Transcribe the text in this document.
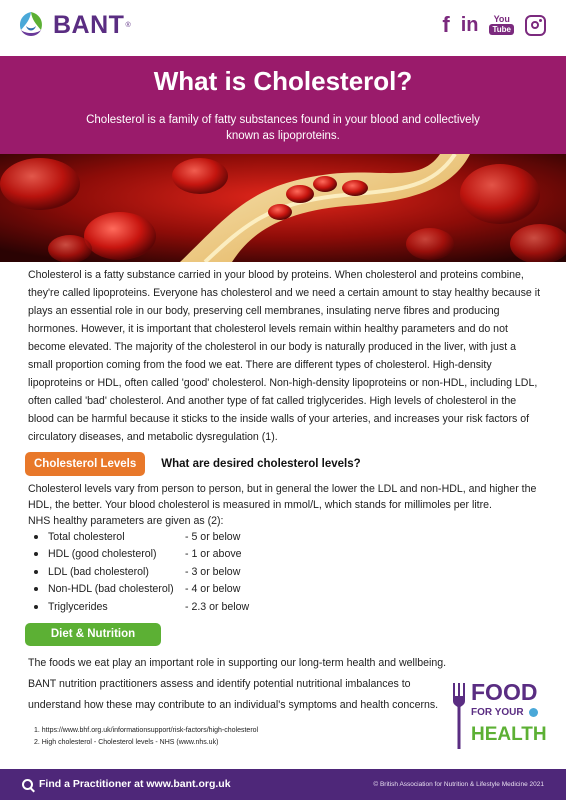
BANT ®	f in You
Tube
What is Cholesterol?
Cholesterol is a family of fatty substances found in your blood and collectively known as lipoproteins.
Cholesterol is a fatty substance carried in your blood by proteins. When cholesterol and proteins combine, they're called lipoproteins. Everyone has cholesterol and we need a certain amount to stay healthy because it plays an essential role in our body, preserving cell membranes, insulating nerve fibres and producing hormones. However, it is important that cholesterol levels remain within healthy parameters and do not become elevated. The majority of the cholesterol in our body is naturally produced in the liver, with just a small proportion coming from the food we eat. There are different types of cholesterol. High-density lipoproteins or HDL, often called 'good' cholesterol. Non-high-density lipoproteins or non-HDL, including LDL, often called 'bad' cholesterol. And another type of fat called triglycerides. High levels of cholesterol in the blood can be harmful because it sticks to the inside walls of your arteries, and increases your risk factors of circulatory diseases, and metabolic dysregulation (1).
Cholesterol Levels	What are desired cholesterol levels?
Cholesterol levels vary from person to person, but in general the lower the LDL and non-HDL, and higher the HDL, the better. Your blood cholesterol is measured in mmol/L, which stands for millimoles per litre.
NHS healthy parameters are given as (2):
Total cholesterol	- 5 or below
HDL (good cholesterol)	- 1 or above
LDL (bad cholesterol)	- 3 or below
Non-HDL (bad cholesterol)	- 4 or below
Triglycerides	- 2.3 or below
Diet & Nutrition
The foods we eat play an important role in supporting our long-term health and wellbeing.
BANT nutrition practitioners assess and identify potential nutritional imbalances to
understand how these may contribute to an individual's symptoms and health concerns.	FOOD
FOR YOUR
HEALTH
1. https://www.bhf.org.uk/informationsupport/risk-factors/high-cholesterol
2. High cholesterol - Cholesterol levels - NHS (www.nhs.uk)
Find a Practitioner at www.bant.org.uk	© British Association for Nutrition & Lifestyle Medicine 2021
